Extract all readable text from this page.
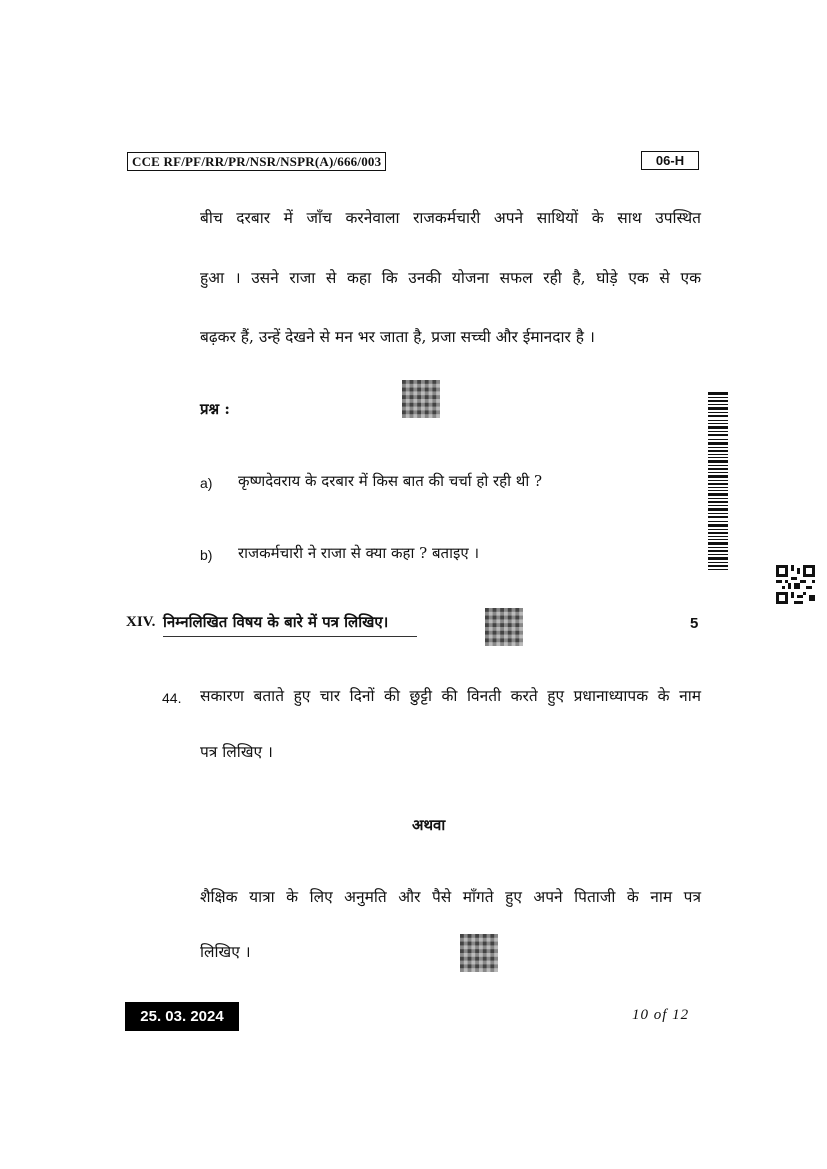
CCE RF/PF/RR/PR/NSR/NSPR(A)/666/003	06-H
बीच दरबार में जाँच करनेवाला राजकर्मचारी अपने साथियों के साथ उपस्थित
हुआ । उसने राजा से कहा कि उनकी योजना सफल रही है, घोड़े एक से एक
बढ़कर हैं, उन्हें देखने से मन भर जाता है, प्रजा सच्ची और ईमानदार है ।
प्रश्न :
a) कृष्णदेवराय के दरबार में किस बात की चर्चा हो रही थी ?
b) राजकर्मचारी ने राजा से क्या कहा ? बताइए ।
XIV. निम्नलिखित विषय के बारे में पत्र लिखिए।	5
44. सकारण बताते हुए चार दिनों की छुट्टी की विनती करते हुए प्रधानाध्यापक के नाम
पत्र लिखिए ।
अथवा
शैक्षिक यात्रा के लिए अनुमति और पैसे माँगते हुए अपने पिताजी के नाम पत्र
लिखिए ।
25. 03. 2024	10 of 12
